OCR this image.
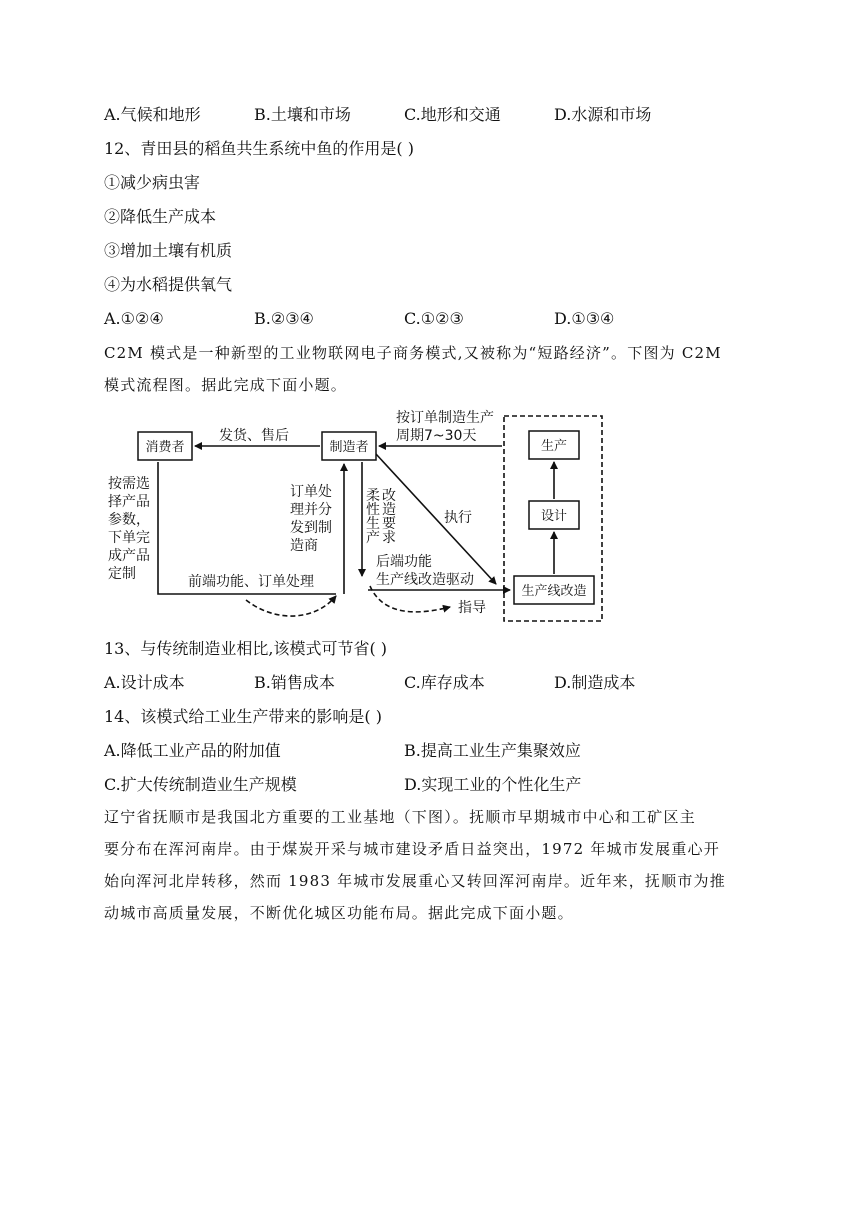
A.气候和地形	B.土壤和市场	C.地形和交通	D.水源和市场
12、青田县的稻鱼共生系统中鱼的作用是( )
①减少病虫害
②降低生产成本
③增加土壤有机质
④为水稻提供氧气
A.①②④	B.②③④	C.①②③	D.①③④
C2M 模式是一种新型的工业物联网电子商务模式,又被称为“短路经济”。下图为 C2M
模式流程图。据此完成下面小题。
消费者	制造者	生产
设计
生产线改造
发货、售后
按订单制造生产
周期7~30天
按需选
择产品
参数，
下单完
成产品
定制	前端功能、订单处理
订单处
理并分
发到制
造商
柔
性
生
产
改
造
要
求
执行
后端功能
生产线改造驱动
指导
13、与传统制造业相比,该模式可节省( )
A.设计成本	B.销售成本	C.库存成本	D.制造成本
14、该模式给工业生产带来的影响是( )
A.降低工业产品的附加值	B.提高工业生产集聚效应
C.扩大传统制造业生产规模	D.实现工业的个性化生产
辽宁省抚顺市是我国北方重要的工业基地（下图）。抚顺市早期城市中心和工矿区主
要分布在浑河南岸。由于煤炭开采与城市建设矛盾日益突出，1972 年城市发展重心开
始向浑河北岸转移，然而 1983 年城市发展重心又转回浑河南岸。近年来，抚顺市为推
动城市高质量发展，不断优化城区功能布局。据此完成下面小题。
